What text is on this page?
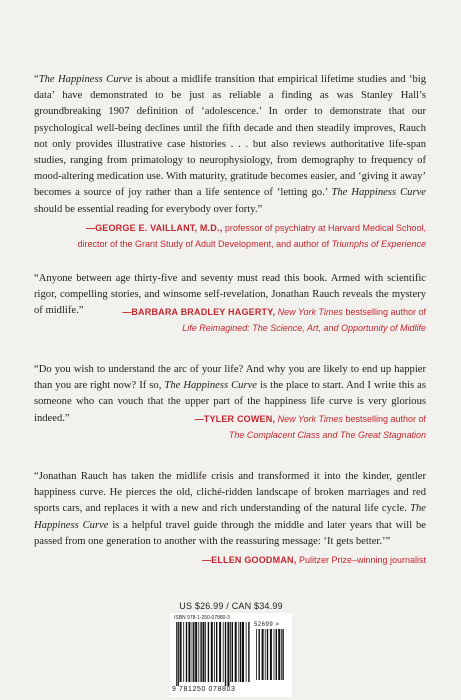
“The Happiness Curve is about a midlife transition that empirical lifetime studies and ‘big data’ have demonstrated to be just as reliable a finding as was Stanley Hall’s groundbreaking 1907 definition of ‘adolescence.’ In order to demonstrate that our psychological well-being declines until the fifth decade and then steadily improves, Rauch not only provides illustrative case histories . . . but also reviews authoritative life-span studies, ranging from primatology to neurophysiology, from demography to frequency of mood-altering medication use. With maturity, gratitude becomes easier, and ‘giving it away’ becomes a source of joy rather than a life sentence of ‘letting go.’ The Happiness Curve should be essential reading for everybody over forty.”

—GEORGE E. VAILLANT, M.D., professor of psychiatry at Harvard Medical School,
director of the Grant Study of Adult Development, and author of Triumphs of Experience

“Anyone between age thirty-five and seventy must read this book. Armed with scientific rigor, compelling stories, and winsome self-revelation, Jonathan Rauch reveals the mystery of midlife.”	—BARBARA BRADLEY HAGERTY, New York Times bestselling author of
Life Reimagined: The Science, Art, and Opportunity of Midlife

“Do you wish to understand the arc of your life? And why you are likely to end up happier than you are right now? If so, The Happiness Curve is the place to start. And I write this as someone who can vouch that the upper part of the happiness life curve is very glorious indeed.”	—TYLER COWEN, New York Times bestselling author of
The Complacent Class and The Great Stagnation

“Jonathan Rauch has taken the midlife crisis and transformed it into the kinder, gentler happiness curve. He pierces the old, cliché-ridden landscape of broken marriages and red sports cars, and replaces it with a new and rich understanding of the natural life cycle. The Happiness Curve is a helpful travel guide through the middle and later years that will be passed from one generation to another with the reassuring message: ‘It gets better.’”

—ELLEN GOODMAN, Pulitzer Prize–winning journalist

US $26.99 / CAN $34.99

ISBN 978-1-250-07880-3
52699 >
9 781250 078803
